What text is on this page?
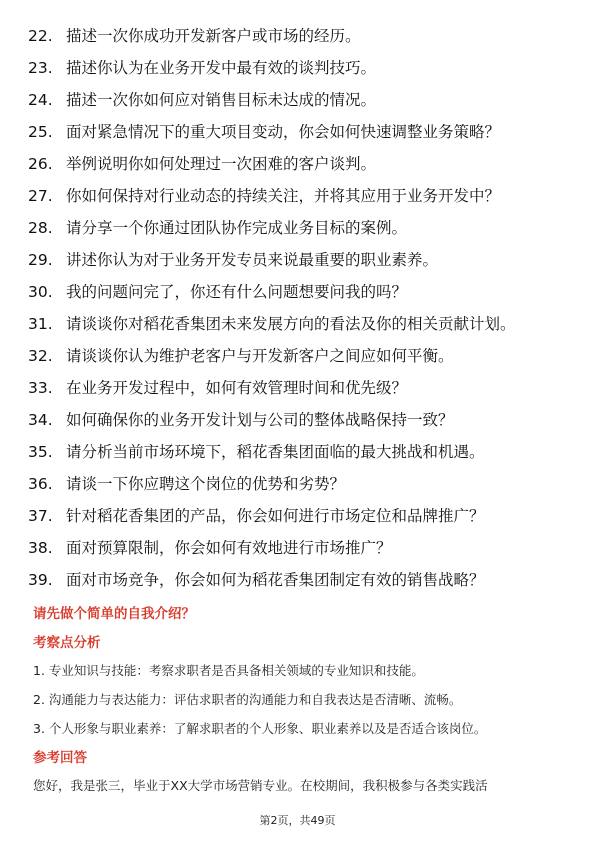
22. 描述一次你成功开发新客户或市场的经历。
23. 描述你认为在业务开发中最有效的谈判技巧。
24. 描述一次你如何应对销售目标未达成的情况。
25. 面对紧急情况下的重大项目变动，你会如何快速调整业务策略？
26. 举例说明你如何处理过一次困难的客户谈判。
27. 你如何保持对行业动态的持续关注，并将其应用于业务开发中？
28. 请分享一个你通过团队协作完成业务目标的案例。
29. 讲述你认为对于业务开发专员来说最重要的职业素养。
30. 我的问题问完了，你还有什么问题想要问我的吗？
31. 请谈谈你对稻花香集团未来发展方向的看法及你的相关贡献计划。
32. 请谈谈你认为维护老客户与开发新客户之间应如何平衡。
33. 在业务开发过程中，如何有效管理时间和优先级？
34. 如何确保你的业务开发计划与公司的整体战略保持一致？
35. 请分析当前市场环境下，稻花香集团面临的最大挑战和机遇。
36. 请谈一下你应聘这个岗位的优势和劣势？
37. 针对稻花香集团的产品，你会如何进行市场定位和品牌推广？
38. 面对预算限制，你会如何有效地进行市场推广？
39. 面对市场竞争，你会如何为稻花香集团制定有效的销售战略？

请先做个简单的自我介绍？

考察点分析

1. 专业知识与技能：考察求职者是否具备相关领域的专业知识和技能。
2. 沟通能力与表达能力：评估求职者的沟通能力和自我表达是否清晰、流畅。
3. 个人形象与职业素养：了解求职者的个人形象、职业素养以及是否适合该岗位。

参考回答

您好，我是张三，毕业于XX大学市场营销专业。在校期间，我积极参与各类实践活
第2页，共49页
